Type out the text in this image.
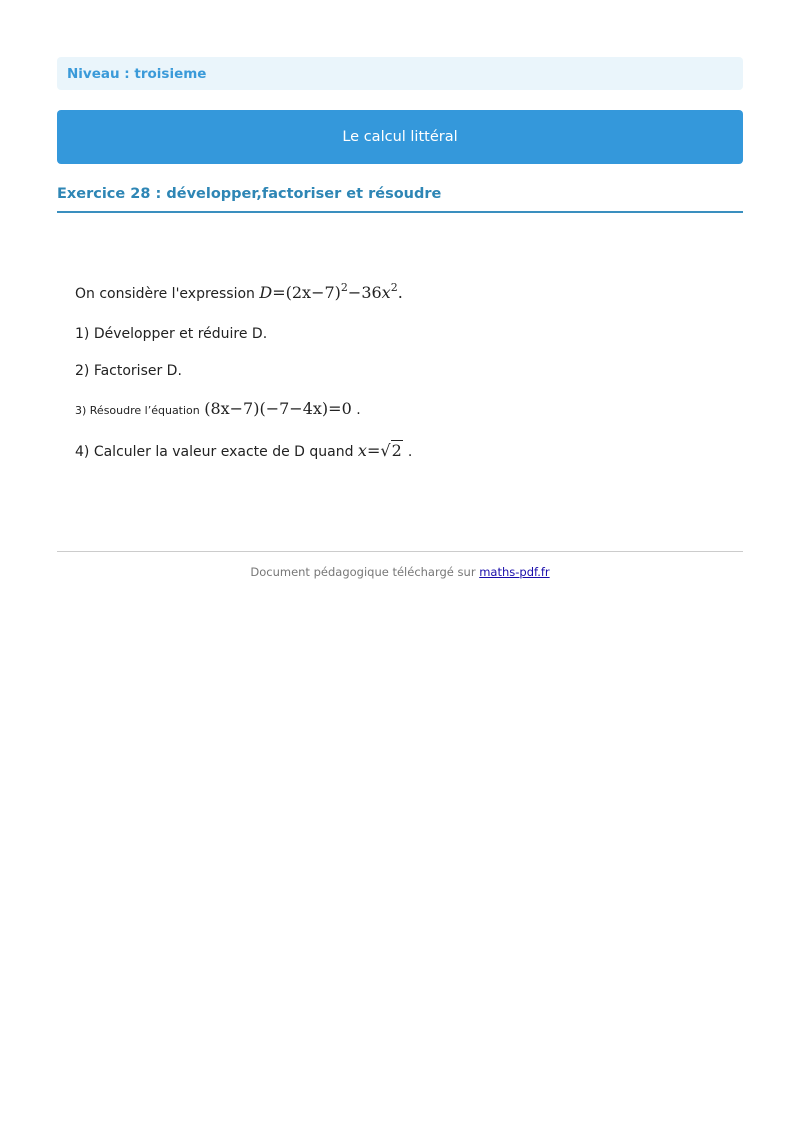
Niveau : troisieme
Le calcul littéral
Exercice 28 : développer,factoriser et résoudre
On considère l'expression $D=(2x-7)^2-36x^2$.
1) Développer et réduire D.
2) Factoriser D.
3) Résoudre l’équation (8x−7)(−7−4x)=0 .
4) Calculer la valeur exacte de D quand x=√2 .
Document pédagogique téléchargé sur maths-pdf.fr
